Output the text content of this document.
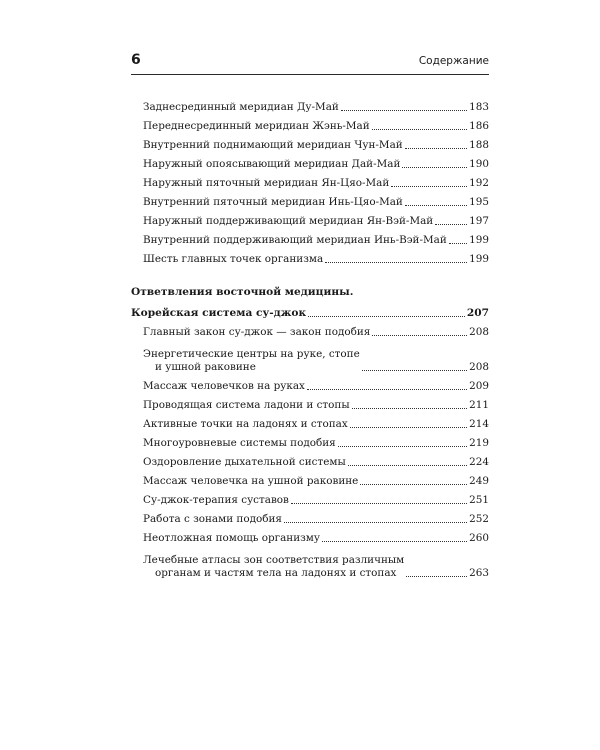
6	Содержание
Заднесрединный меридиан Ду-Май	183
Переднесрединный меридиан Жэнь-Май	186
Внутренний поднимающий меридиан Чун-Май	188
Наружный опоясывающий меридиан Дай-Май	190
Наружный пяточный меридиан Ян-Цяо-Май	192
Внутренний пяточный меридиан Инь-Цяо-Май	195
Наружный поддерживающий меридиан Ян-Вэй-Май	197
Внутренний поддерживающий меридиан Инь-Вэй-Май 199
Шесть главных точек организма	199
Ответвления восточной медицины.
Корейская система су-джок	207
Главный закон су-джок — закон подобия	208
Энергетические центры на руке, стопе
и ушной раковине	208
Массаж человечков на руках	209
Проводящая система ладони и стопы	211
Активные точки на ладонях и стопах	214
Многоуровневые системы подобия	219
Оздоровление дыхательной системы	224
Массаж человечка на ушной раковине	249
Су-джок-терапия суставов	251
Работа с зонами подобия	252
Неотложная помощь организму	260
Лечебные атласы зон соответствия различным
органам и частям тела на ладонях и стопах	263
